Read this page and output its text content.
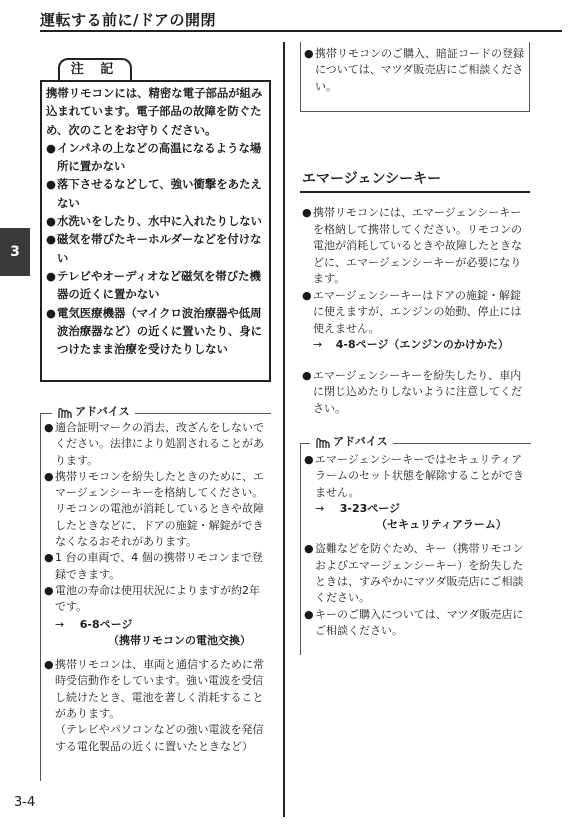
運転する前に/ドアの開閉
3
3-4
注 記

携帯リモコンには、精密な電子部品が組み込まれています。電子部品の故障を防ぐため、次のことをお守りください。

● インパネの上などの高温になるような場所に置かない
● 落下させるなどして、強い衝撃をあたえない
● 水洗いをしたり、水中に入れたりしない
● 磁気を帯びたキーホルダーなどを付けない
● テレビやオーディオなど磁気を帯びた機器の近くに置かない
● 電気医療機器（マイクロ波治療器や低周波治療器など）の近くに置いたり、身につけたまま治療を受けたりしない
アドバイス
● 適合証明マークの消去、改ざんをしないでください。法律により処罰されることがあります。
● 携帯リモコンを紛失したときのために、エマージェンシーキーを格納してください。リモコンの電池が消耗しているときや故障したときなどに、ドアの施錠・解錠ができなくなるおそれがあります。
● 1 台の車両で、4 個の携帯リモコンまで登録できます。
● 電池の寿命は使用状況によりますが約2年です。

→ 6-8ページ

（携帯リモコンの電池交換）

● 携帯リモコンは、車両と通信するために常時受信動作をしています。強い電波を受信し続けたとき、電池を著しく消耗することがあります。

（テレビやパソコンなどの強い電波を発信する電化製品の近くに置いたときなど）

● 携帯リモコンのご購入、暗証コードの登録については、マツダ販売店にご相談ください。
エマージェンシーキー
● 携帯リモコンには、エマージェンシーキーを格納して携帯してください。リモコンの電池が消耗しているときや故障したときなどに、エマージェンシーキーが必要になります。
● エマージェンシーキーはドアの施錠・解錠に使えますが、エンジンの始動、停止には使えません。

→ 4-8ページ（エンジンのかけかた）

● エマージェンシーキーを紛失したり、車内に閉じ込めたりしないように注意してください。
アドバイス
● エマージェンシーキーではセキュリティアラームのセット状態を解除することができません。

→ 3-23ページ

（セキュリティアラーム）

● 盗難などを防ぐため、キー（携帯リモコンおよびエマージェンシーキー）を紛失したときは、すみやかにマツダ販売店にご相談ください。
● キーのご購入については、マツダ販売店にご相談ください。
